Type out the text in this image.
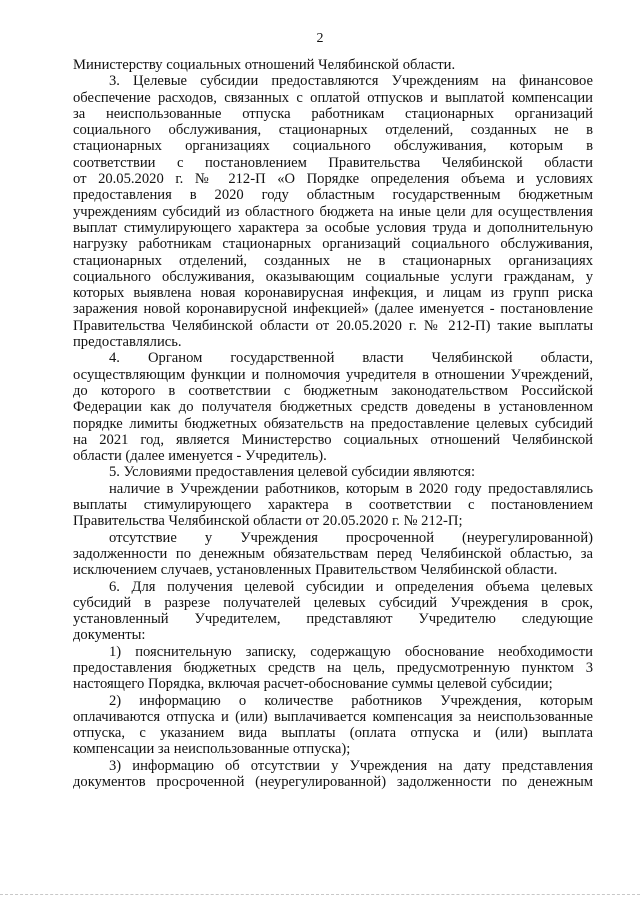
2
Министерству социальных отношений Челябинской области.
3. Целевые субсидии предоставляются Учреждениям на финансовое
обеспечение расходов, связанных с оплатой отпусков и выплатой компенсации
за неиспользованные отпуска работникам стационарных организаций
социального обслуживания, стационарных отделений, созданных не в
стационарных организациях социального обслуживания, которым в
соответствии с постановлением Правительства Челябинской области
от 20.05.2020 г. № 212-П «О Порядке определения объема и условиях
предоставления в 2020 году областным государственным бюджетным
учреждениям субсидий из областного бюджета на иные цели для осуществления
выплат стимулирующего характера за особые условия труда и дополнительную
нагрузку работникам стационарных организаций социального обслуживания,
стационарных отделений, созданных не в стационарных организациях
социального обслуживания, оказывающим социальные услуги гражданам, у
которых выявлена новая коронавирусная инфекция, и лицам из групп риска
заражения новой коронавирусной инфекцией» (далее именуется - постановление
Правительства Челябинской области от 20.05.2020 г. № 212-П) такие выплаты
предоставлялись.
4. Органом государственной власти Челябинской области,
осуществляющим функции и полномочия учредителя в отношении Учреждений,
до которого в соответствии с бюджетным законодательством Российской
Федерации как до получателя бюджетных средств доведены в установленном
порядке лимиты бюджетных обязательств на предоставление целевых субсидий
на 2021 год, является Министерство социальных отношений Челябинской
области (далее именуется - Учредитель).
5. Условиями предоставления целевой субсидии являются:
наличие в Учреждении работников, которым в 2020 году предоставлялись
выплаты стимулирующего характера в соответствии с постановлением
Правительства Челябинской области от 20.05.2020 г. № 212-П;
отсутствие у Учреждения просроченной (неурегулированной)
задолженности по денежным обязательствам перед Челябинской областью, за
исключением случаев, установленных Правительством Челябинской области.
6. Для получения целевой субсидии и определения объема целевых
субсидий в разрезе получателей целевых субсидий Учреждения в срок,
установленный Учредителем, представляют Учредителю следующие
документы:
1) пояснительную записку, содержащую обоснование необходимости
предоставления бюджетных средств на цель, предусмотренную пунктом 3
настоящего Порядка, включая расчет-обоснование суммы целевой субсидии;
2) информацию о количестве работников Учреждения, которым
оплачиваются отпуска и (или) выплачивается компенсация за неиспользованные
отпуска, с указанием вида выплаты (оплата отпуска и (или) выплата
компенсации за неиспользованные отпуска);
3) информацию об отсутствии у Учреждения на дату представления
документов просроченной (неурегулированной) задолженности по денежным
